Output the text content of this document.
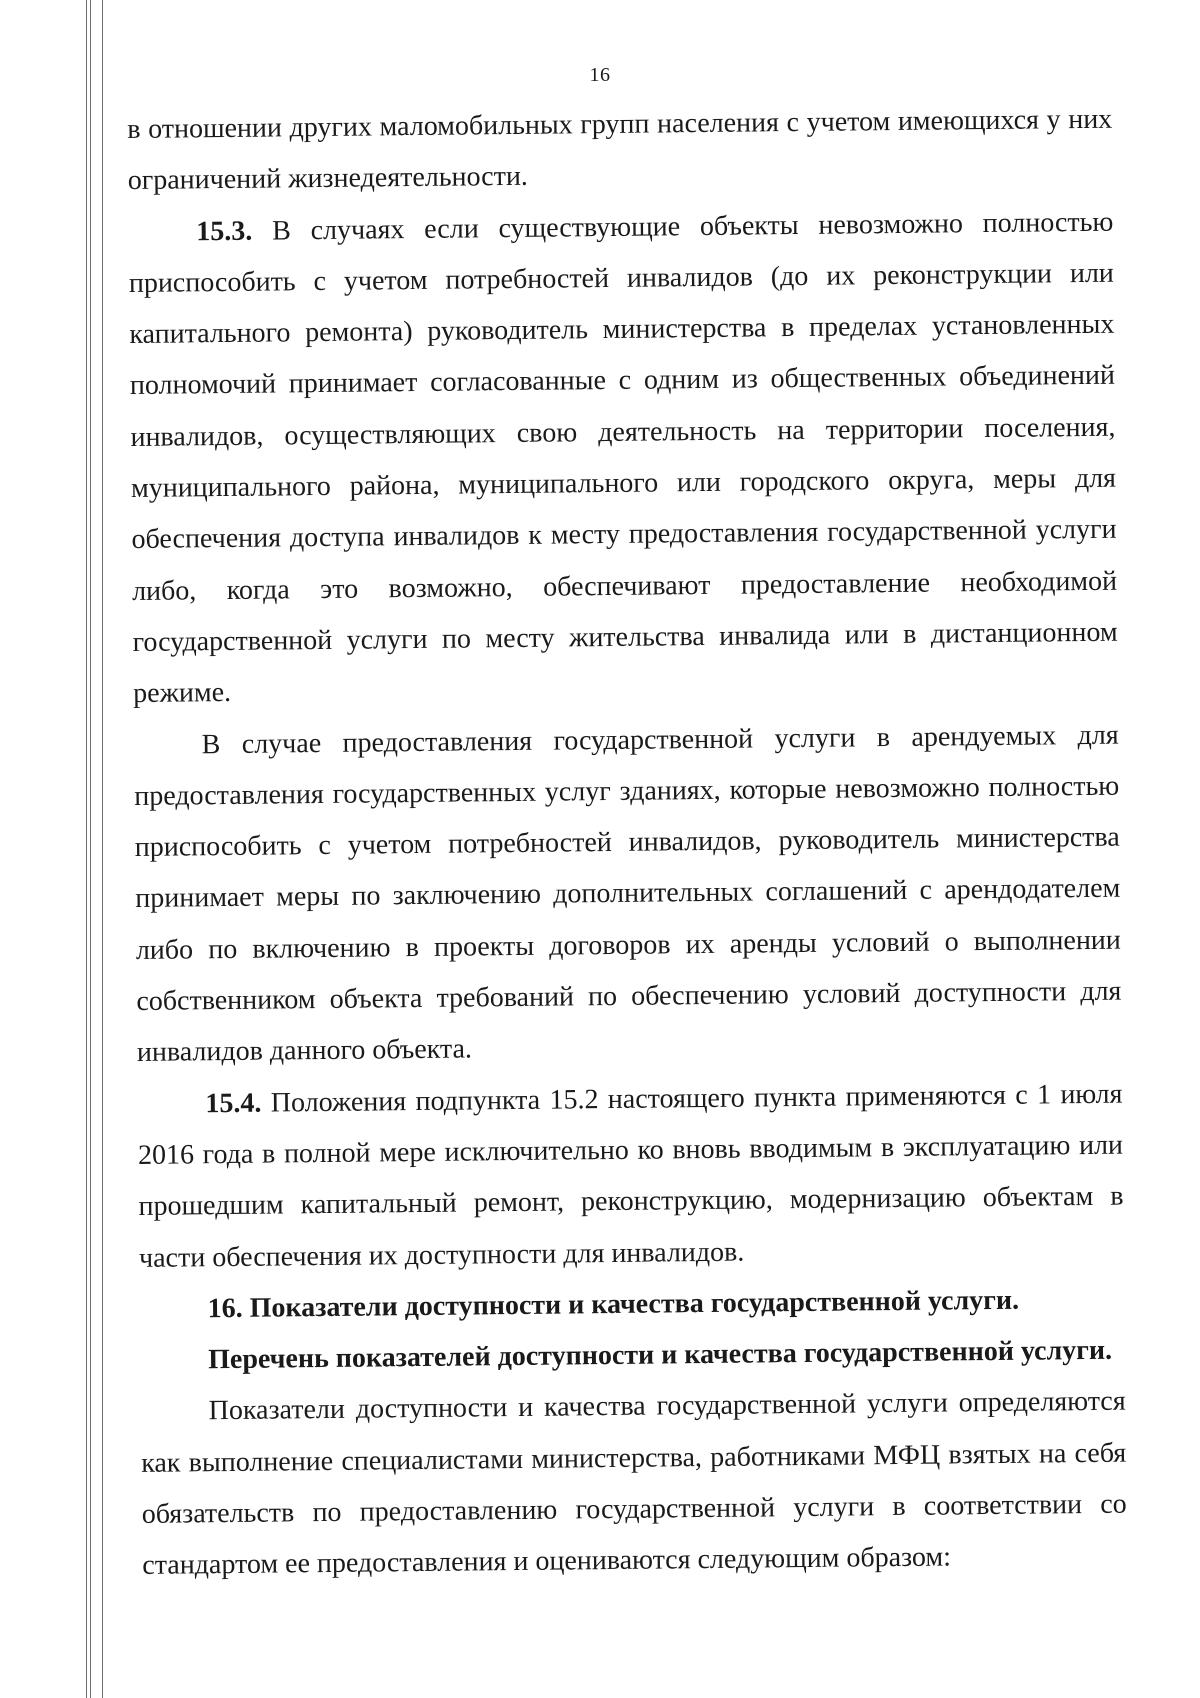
16

в отношении других маломобильных групп населения с учетом имеющихся у них ограничений жизнедеятельности.

15.3. В случаях если существующие объекты невозможно полностью приспособить с учетом потребностей инвалидов (до их реконструкции или капитального ремонта) руководитель министерства в пределах установленных полномочий принимает согласованные с одним из общественных объединений инвалидов, осуществляющих свою деятельность на территории поселения, муниципального района, муниципального или городского округа, меры для обеспечения доступа инвалидов к месту предоставления государственной услуги либо, когда это возможно, обеспечивают предоставление необходимой государственной услуги по месту жительства инвалида или в дистанционном режиме.

В случае предоставления государственной услуги в арендуемых для предоставления государственных услуг зданиях, которые невозможно полностью приспособить с учетом потребностей инвалидов, руководитель министерства принимает меры по заключению дополнительных соглашений с арендодателем либо по включению в проекты договоров их аренды условий о выполнении собственником объекта требований по обеспечению условий доступности для инвалидов данного объекта.

15.4. Положения подпункта 15.2 настоящего пункта применяются с 1 июля 2016 года в полной мере исключительно ко вновь вводимым в эксплуатацию или прошедшим капитальный ремонт, реконструкцию, модернизацию объектам в части обеспечения их доступности для инвалидов.

16. Показатели доступности и качества государственной услуги.

Перечень показателей доступности и качества государственной услуги.

Показатели доступности и качества государственной услуги определяются как выполнение специалистами министерства, работниками МФЦ взятых на себя обязательств по предоставлению государственной услуги в соответствии со стандартом ее предоставления и оцениваются следующим образом:
